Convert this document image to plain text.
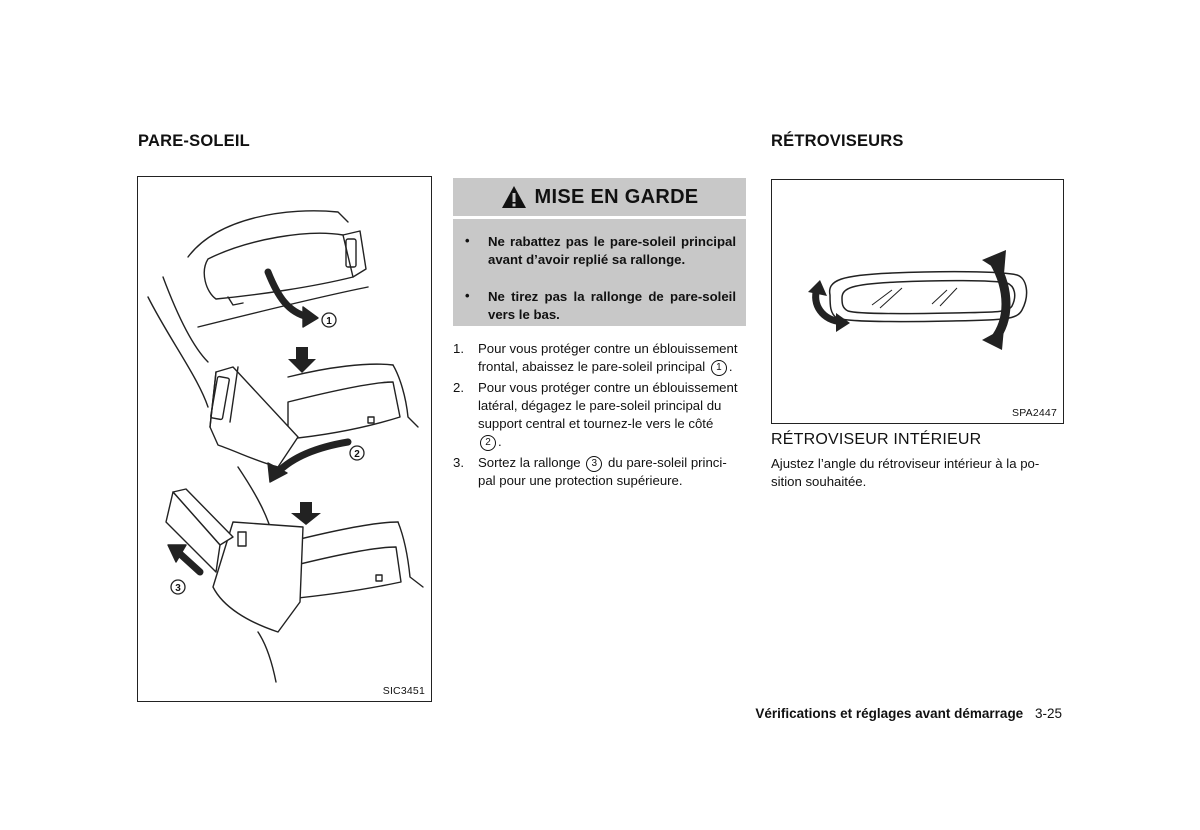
PARE-SOLEIL
1
2
3
SIC3451
MISE EN GARDE
• Ne rabattez pas le pare-soleil principal avant d’avoir replié sa rallonge.
• Ne tirez pas la rallonge de pare-soleil vers le bas.
1. Pour vous protéger contre un éblouissement
frontal, abaissez le pare-soleil principal 1 .
2. Pour vous protéger contre un éblouissement
latéral, dégagez le pare-soleil principal du
support central et tournez-le vers le côté
2 .
3. Sortez la rallonge 3 du pare-soleil princi-
pal pour une protection supérieure.
RÉTROVISEURS
SPA2447
RÉTROVISEUR INTÉRIEUR
Ajustez l’angle du rétroviseur intérieur à la po-
sition souhaitée.
Vérifications et réglages avant démarrage 3-25
